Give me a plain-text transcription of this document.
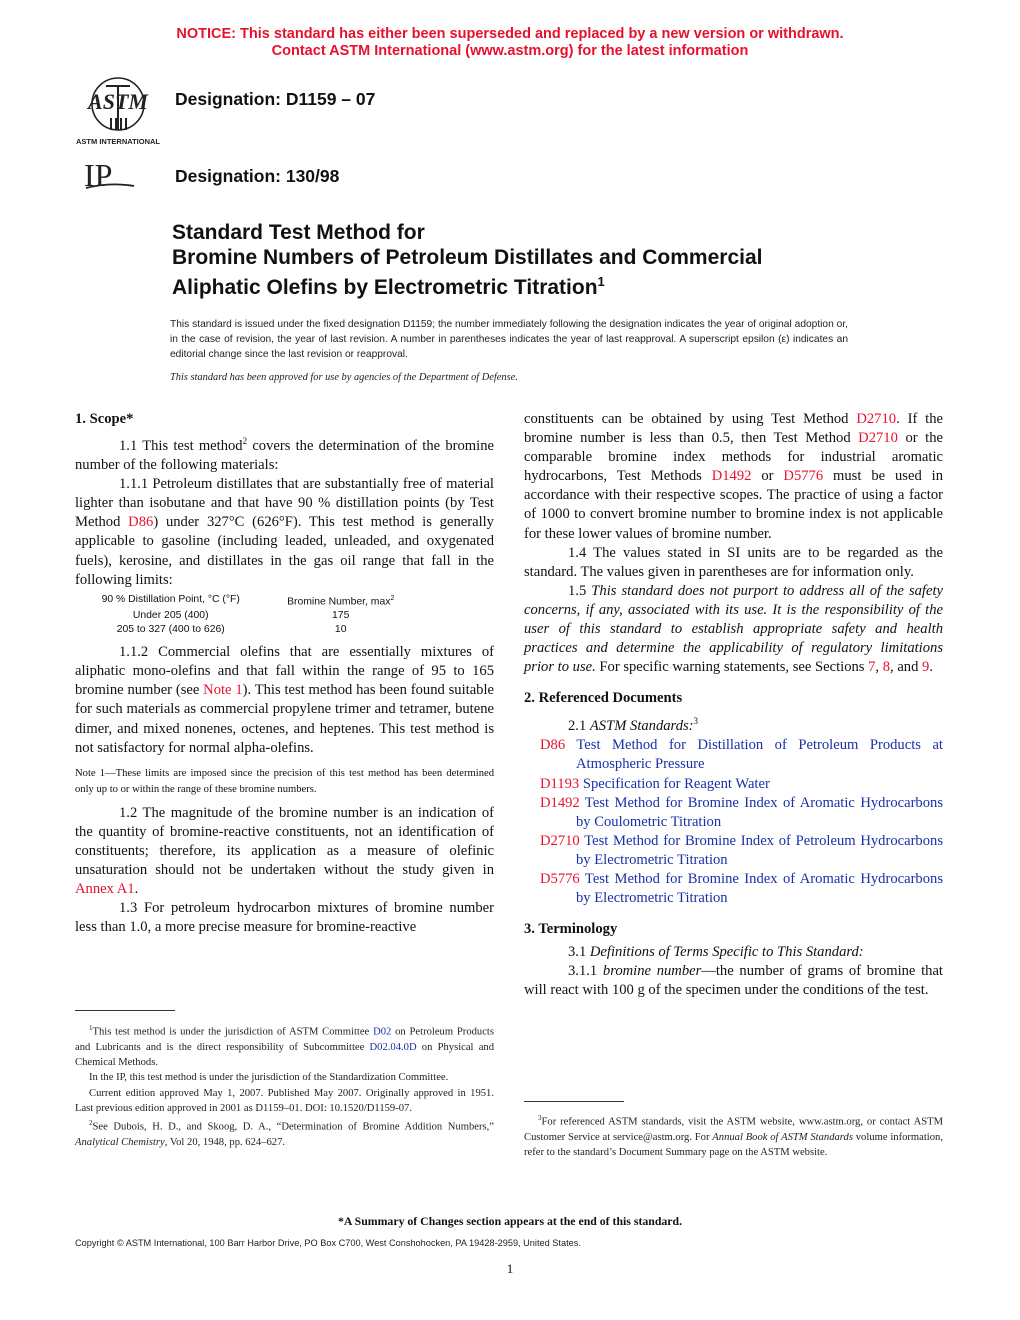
NOTICE: This standard has either been superseded and replaced by a new version or withdrawn.
Contact ASTM International (www.astm.org) for the latest information
ASTM
ASTM INTERNATIONAL
IP
Designation: D1159 – 07
Designation: 130/98
Standard Test Method for
Bromine Numbers of Petroleum Distillates and Commercial
Aliphatic Olefins by Electrometric Titration$^1$
This standard is issued under the fixed designation D1159; the number immediately following the designation indicates the year of original adoption or, in the case of revision, the year of last revision. A number in parentheses indicates the year of last reapproval. A superscript epsilon (ε) indicates an editorial change since the last revision or reapproval.
This standard has been approved for use by agencies of the Department of Defense.

1. Scope*

1.1 This test method$^2$ covers the determination of the bromine number of the following materials:

1.1.1 Petroleum distillates that are substantially free of material lighter than isobutane and that have 90 % distillation points (by Test Method D86) under 327°C (626°F). This test method is generally applicable to gasoline (including leaded, unleaded, and oxygenated fuels), kerosine, and distillates in the gas oil range that fall in the following limits:

90 % Distillation Point, °C (°F)	Bromine Number, $\max^2$
Under 205 (400)	175
205 to 327 (400 to 626)	10

1.1.2 Commercial olefins that are essentially mixtures of aliphatic mono-olefins and that fall within the range of 95 to 165 bromine number (see Note 1). This test method has been found suitable for such materials as commercial propylene trimer and tetramer, butene dimer, and mixed nonenes, octenes, and heptenes. This test method is not satisfactory for normal alpha-olefins.

Note 1—These limits are imposed since the precision of this test method has been determined only up to or within the range of these bromine numbers.

1.2 The magnitude of the bromine number is an indication of the quantity of bromine-reactive constituents, not an identification of constituents; therefore, its application as a measure of olefinic unsaturation should not be undertaken without the study given in Annex A1.

1.3 For petroleum hydrocarbon mixtures of bromine number less than 1.0, a more precise measure for bromine-reactive

$^1$This test method is under the jurisdiction of ASTM Committee D02 on Petroleum Products and Lubricants and is the direct responsibility of Subcommittee D02.04.0D on Physical and Chemical Methods.

In the IP, this test method is under the jurisdiction of the Standardization Committee.

Current edition approved May 1, 2007. Published May 2007. Originally approved in 1951. Last previous edition approved in 2001 as D1159–01. DOI: 10.1520/D1159-07.

$^2$See Dubois, H. D., and Skoog, D. A., “Determination of Bromine Addition Numbers,” Analytical Chemistry, Vol 20, 1948, pp. 624–627.

constituents can be obtained by using Test Method D2710. If the bromine number is less than 0.5, then Test Method D2710 or the comparable bromine index methods for industrial aromatic hydrocarbons, Test Methods D1492 or D5776 must be used in accordance with their respective scopes. The practice of using a factor of 1000 to convert bromine number to bromine index is not applicable for these lower values of bromine number.

1.4 The values stated in SI units are to be regarded as the standard. The values given in parentheses are for information only.

1.5 This standard does not purport to address all of the safety concerns, if any, associated with its use. It is the responsibility of the user of this standard to establish appropriate safety and health practices and determine the applicability of regulatory limitations prior to use. For specific warning statements, see Sections 7, 8, and 9.

2. Referenced Documents

2.1 ASTM Standards:$^3$

D86 Test Method for Distillation of Petroleum Products at Atmospheric Pressure

D1193 Specification for Reagent Water

D1492 Test Method for Bromine Index of Aromatic Hydrocarbons by Coulometric Titration

D2710 Test Method for Bromine Index of Petroleum Hydrocarbons by Electrometric Titration

D5776 Test Method for Bromine Index of Aromatic Hydrocarbons by Electrometric Titration

3. Terminology

3.1 Definitions of Terms Specific to This Standard:

3.1.1 bromine number—the number of grams of bromine that will react with 100 g of the specimen under the conditions of the test.

$^3$For referenced ASTM standards, visit the ASTM website, www.astm.org, or contact ASTM Customer Service at service@astm.org. For Annual Book of ASTM Standards volume information, refer to the standard’s Document Summary page on the ASTM website.

*A Summary of Changes section appears at the end of this standard.
Copyright © ASTM International, 100 Barr Harbor Drive, PO Box C700, West Conshohocken, PA 19428-2959, United States.
1
